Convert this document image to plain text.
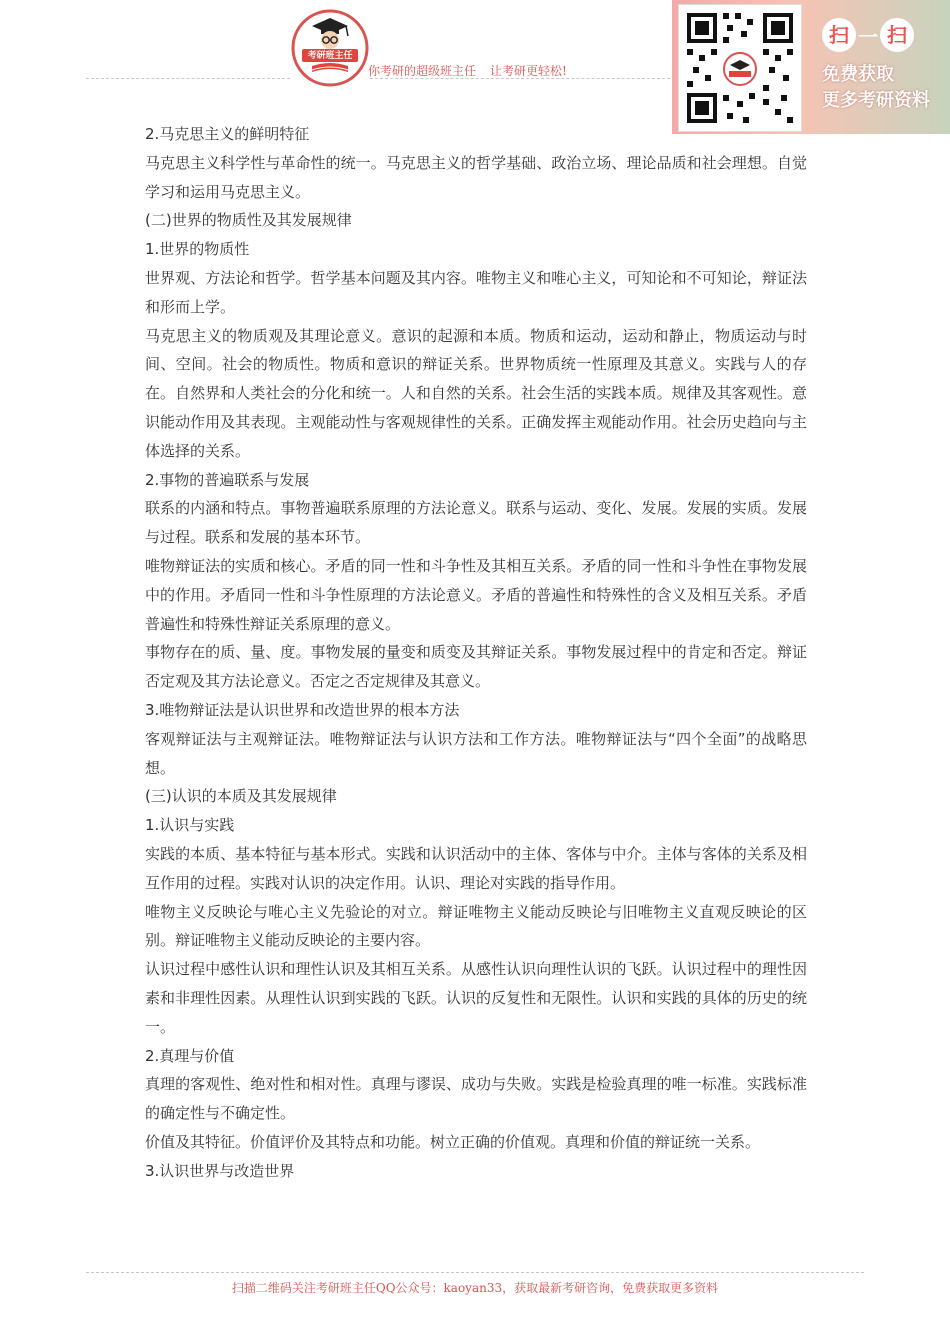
考研班主任
你考研的超级班主任 让考研更轻松!
扫 一 扫
免费获取
更多考研资料

2.马克思主义的鲜明特征

马克思主义科学性与革命性的统一。马克思主义的哲学基础、政治立场、理论品质和社会理想。自觉学习和运用马克思主义。

(二)世界的物质性及其发展规律

1.世界的物质性

世界观、方法论和哲学。哲学基本问题及其内容。唯物主义和唯心主义，可知论和不可知论，辩证法和形而上学。

马克思主义的物质观及其理论意义。意识的起源和本质。物质和运动，运动和静止，物质运动与时间、空间。社会的物质性。物质和意识的辩证关系。世界物质统一性原理及其意义。实践与人的存在。自然界和人类社会的分化和统一。人和自然的关系。社会生活的实践本质。规律及其客观性。意识能动作用及其表现。主观能动性与客观规律性的关系。正确发挥主观能动作用。社会历史趋向与主体选择的关系。

2.事物的普遍联系与发展

联系的内涵和特点。事物普遍联系原理的方法论意义。联系与运动、变化、发展。发展的实质。发展与过程。联系和发展的基本环节。

唯物辩证法的实质和核心。矛盾的同一性和斗争性及其相互关系。矛盾的同一性和斗争性在事物发展中的作用。矛盾同一性和斗争性原理的方法论意义。矛盾的普遍性和特殊性的含义及相互关系。矛盾普遍性和特殊性辩证关系原理的意义。

事物存在的质、量、度。事物发展的量变和质变及其辩证关系。事物发展过程中的肯定和否定。辩证否定观及其方法论意义。否定之否定规律及其意义。

3.唯物辩证法是认识世界和改造世界的根本方法

客观辩证法与主观辩证法。唯物辩证法与认识方法和工作方法。唯物辩证法与“四个全面”的战略思想。

(三)认识的本质及其发展规律

1.认识与实践

实践的本质、基本特征与基本形式。实践和认识活动中的主体、客体与中介。主体与客体的关系及相互作用的过程。实践对认识的决定作用。认识、理论对实践的指导作用。

唯物主义反映论与唯心主义先验论的对立。辩证唯物主义能动反映论与旧唯物主义直观反映论的区别。辩证唯物主义能动反映论的主要内容。

认识过程中感性认识和理性认识及其相互关系。从感性认识向理性认识的飞跃。认识过程中的理性因素和非理性因素。从理性认识到实践的飞跃。认识的反复性和无限性。认识和实践的具体的历史的统一。

2.真理与价值

真理的客观性、绝对性和相对性。真理与谬误、成功与失败。实践是检验真理的唯一标准。实践标准的确定性与不确定性。

价值及其特征。价值评价及其特点和功能。树立正确的价值观。真理和价值的辩证统一关系。

3.认识世界与改造世界

扫描二维码关注考研班主任QQ公众号：kaoyan33，获取最新考研咨询，免费获取更多资料
